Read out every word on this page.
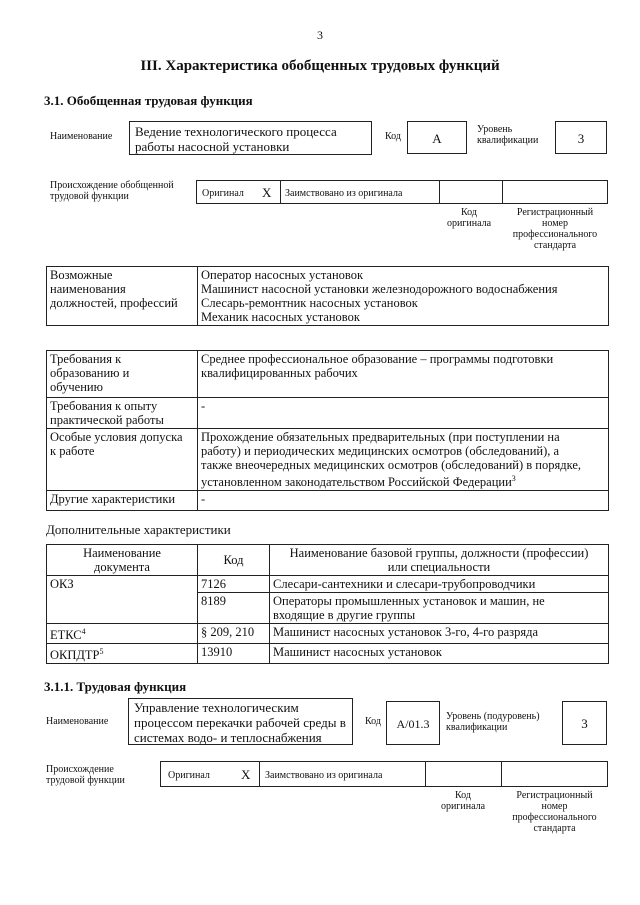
3
III. Характеристика обобщенных трудовых функций
3.1. Обобщенная трудовая функция
Наименование	Ведение технологического процесса
работы насосной установки
Код	А
Уровень
квалификации	3
Происхождение обобщенной
трудовой функции	Оригинал X Заимствовано из оригинала
Код
оригинала
Регистрационный
номер
профессионального
стандарта
Возможные
наименования
должностей, профессий	Оператор насосных установок
Машинист насосной установки железнодорожного водоснабжения
Слесарь-ремонтник насосных установок
Механик насосных установок
Требования к
образованию и
обучению	Среднее профессиональное образование – программы подготовки
квалифицированных рабочих
Требования к опыту
практической работы	-
Особые условия допуска
к работе	Прохождение обязательных предварительных (при поступлении на
работу) и периодических медицинских осмотров (обследований), а
также внеочередных медицинских осмотров (обследований) в порядке,
установленном законодательством Российской Федерации$^3$
Другие характеристики	-
Дополнительные характеристики
Наименование
документа	Код	Наименование базовой группы, должности (профессии)
или специальности
ОКЗ	7126	Слесари-сантехники и слесари-трубопроводчики
	8189	Операторы промышленных установок и машин, не
входящие в другие группы
ЕТКС$^4$	§ 209, 210	Машинист насосных установок 3-го, 4-го разряда
ОКПДТР$^5$	13910	Машинист насосных установок
3.1.1. Трудовая функция
Наименование
Управление технологическим
процессом перекачки рабочей среды в
системах водо- и теплоснабжения
Код	A/01.3
Уровень (подуровень)
квалификации	3
Происхождение
трудовой функции	Оригинал X Заимствовано из оригинала
Код
оригинала
Регистрационный
номер
профессионального
стандарта
